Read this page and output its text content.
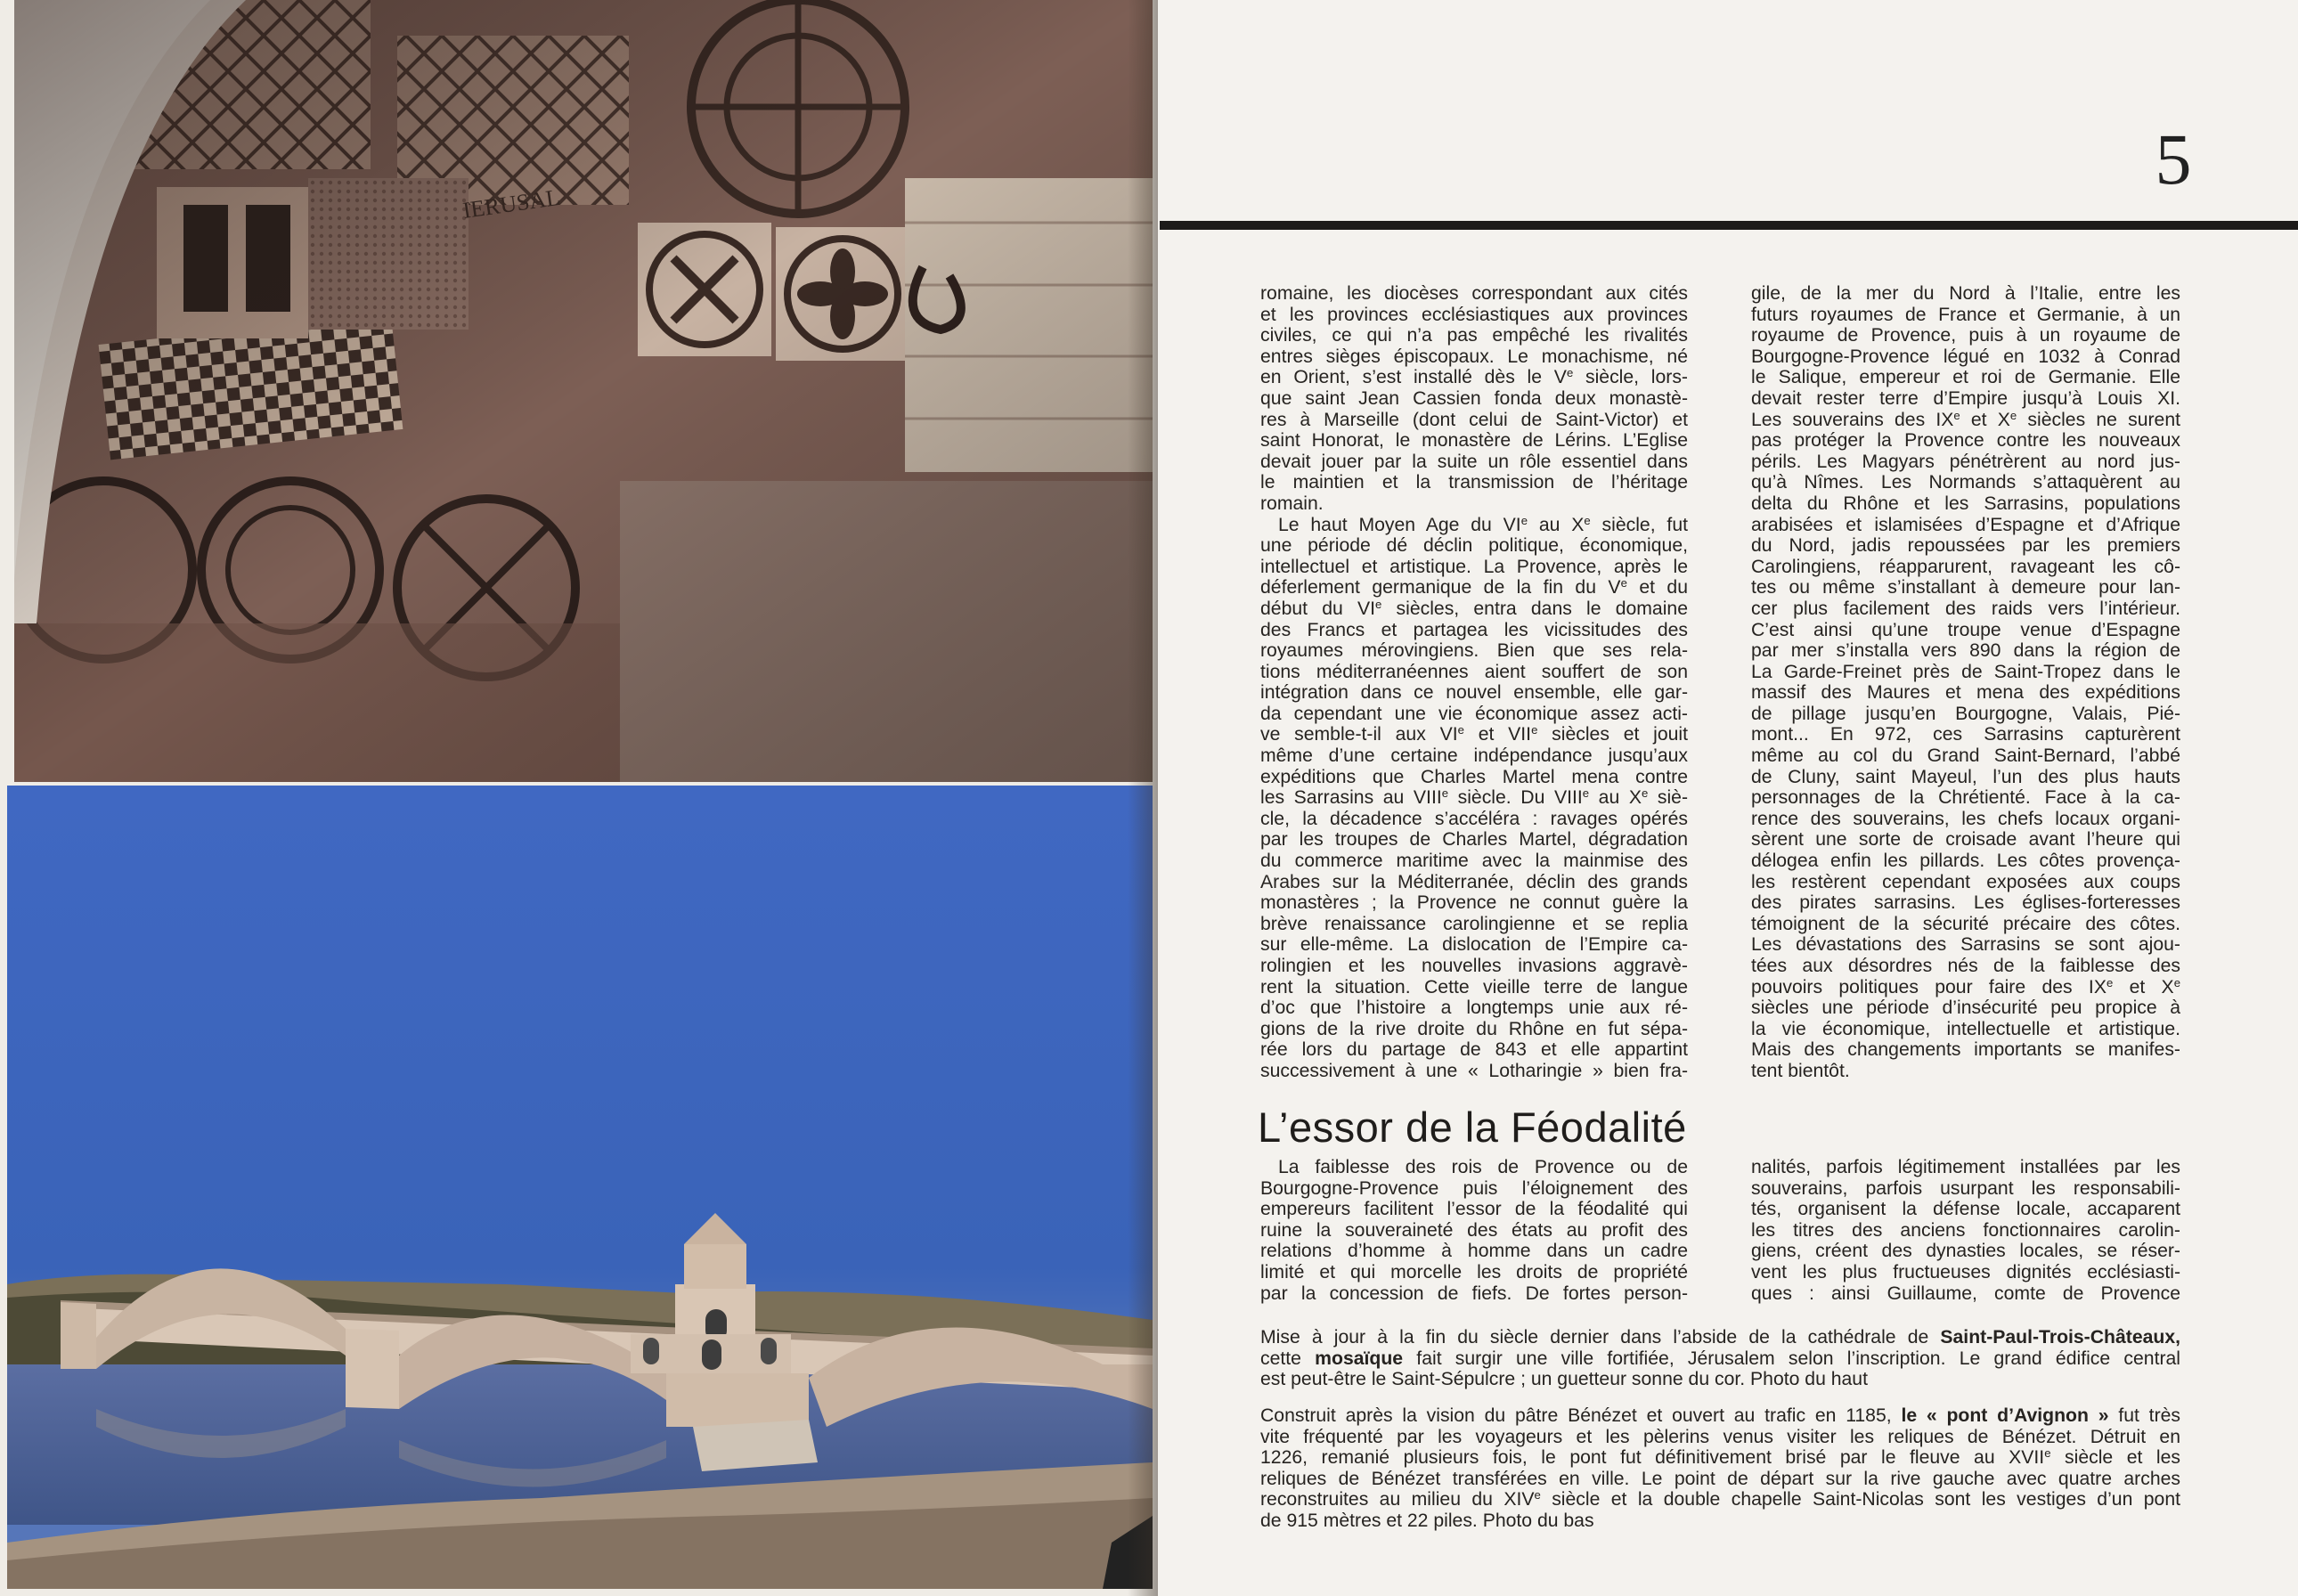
5
romaine, les diocèses correspondant aux cités
et les provinces ecclésiastiques aux provinces
civiles, ce qui n’a pas empêché les rivalités
entres sièges épiscopaux. Le monachisme, né
en Orient, s’est installé dès le Ve siècle, lors-
que saint Jean Cassien fonda deux monastè-
res à Marseille (dont celui de Saint-Victor) et
saint Honorat, le monastère de Lérins. L’Eglise
devait jouer par la suite un rôle essentiel dans
le maintien et la transmission de l’héritage
romain.
Le haut Moyen Age du VIe au Xe siècle, fut
une période dé déclin politique, économique,
intellectuel et artistique. La Provence, après le
déferlement germanique de la fin du Ve et du
début du VIe siècles, entra dans le domaine
des Francs et partagea les vicissitudes des
royaumes mérovingiens. Bien que ses rela-
tions méditerranéennes aient souffert de son
intégration dans ce nouvel ensemble, elle gar-
da cependant une vie économique assez acti-
ve semble-t-il aux VIe et VIIe siècles et jouit
même d’une certaine indépendance jusqu’aux
expéditions que Charles Martel mena contre
les Sarrasins au VIIIe siècle. Du VIIIe au Xe siè-
cle, la décadence s’accéléra : ravages opérés
par les troupes de Charles Martel, dégradation
du commerce maritime avec la mainmise des
Arabes sur la Méditerranée, déclin des grands
monastères ; la Provence ne connut guère la
brève renaissance carolingienne et se replia
sur elle-même. La dislocation de l’Empire ca-
rolingien et les nouvelles invasions aggravè-
rent la situation. Cette vieille terre de langue
d’oc que l’histoire a longtemps unie aux ré-
gions de la rive droite du Rhône en fut sépa-
rée lors du partage de 843 et elle appartint
successivement à une « Lotharingie » bien fra-
gile, de la mer du Nord à l’Italie, entre les
futurs royaumes de France et Germanie, à un
royaume de Provence, puis à un royaume de
Bourgogne-Provence légué en 1032 à Conrad
le Salique, empereur et roi de Germanie. Elle
devait rester terre d’Empire jusqu’à Louis XI.
Les souverains des IXe et Xe siècles ne surent
pas protéger la Provence contre les nouveaux
périls. Les Magyars pénétrèrent au nord jus-
qu’à Nîmes. Les Normands s’attaquèrent au
delta du Rhône et les Sarrasins, populations
arabisées et islamisées d’Espagne et d’Afrique
du Nord, jadis repoussées par les premiers
Carolingiens, réapparurent, ravageant les cô-
tes ou même s’installant à demeure pour lan-
cer plus facilement des raids vers l’intérieur.
C’est ainsi qu’une troupe venue d’Espagne
par mer s’installa vers 890 dans la région de
La Garde-Freinet près de Saint-Tropez dans le
massif des Maures et mena des expéditions
de pillage jusqu’en Bourgogne, Valais, Pié-
mont... En 972, ces Sarrasins capturèrent
même au col du Grand Saint-Bernard, l’abbé
de Cluny, saint Mayeul, l’un des plus hauts
personnages de la Chrétienté. Face à la ca-
rence des souverains, les chefs locaux organi-
sèrent une sorte de croisade avant l’heure qui
délogea enfin les pillards. Les côtes provença-
les restèrent cependant exposées aux coups
des pirates sarrasins. Les églises-forteresses
témoignent de la sécurité précaire des côtes.
Les dévastations des Sarrasins se sont ajou-
tées aux désordres nés de la faiblesse des
pouvoirs politiques pour faire des IXe et Xe
siècles une période d’insécurité peu propice à
la vie économique, intellectuelle et artistique.
Mais des changements importants se manifes-
tent bientôt.
L’essor de la Féodalité
La faiblesse des rois de Provence ou de
Bourgogne-Provence puis l’éloignement des
empereurs facilitent l’essor de la féodalité qui
ruine la souveraineté des états au profit des
relations d’homme à homme dans un cadre
limité et qui morcelle les droits de propriété
par la concession de fiefs. De fortes person-
nalités, parfois légitimement installées par les
souverains, parfois usurpant les responsabili-
tés, organisent la défense locale, accaparent
les titres des anciens fonctionnaires carolin-
giens, créent des dynasties locales, se réser-
vent les plus fructueuses dignités ecclésiasti-
ques : ainsi Guillaume, comte de Provence
Mise à jour à la fin du siècle dernier dans l’abside de la cathédrale de Saint-Paul-Trois-Châteaux,
cette mosaïque fait surgir une ville fortifiée, Jérusalem selon l’inscription. Le grand édifice central
est peut-être le Saint-Sépulcre ; un guetteur sonne du cor. Photo du haut
Construit après la vision du pâtre Bénézet et ouvert au trafic en 1185, le « pont d’Avignon » fut très
vite fréquenté par les voyageurs et les pèlerins venus visiter les reliques de Bénézet. Détruit en
1226, remanié plusieurs fois, le pont fut définitivement brisé par le fleuve au XVIIe siècle et les
reliques de Bénézet transférées en ville. Le point de départ sur la rive gauche avec quatre arches
reconstruites au milieu du XIVe siècle et la double chapelle Saint-Nicolas sont les vestiges d’un pont
de 915 mètres et 22 piles. Photo du bas
